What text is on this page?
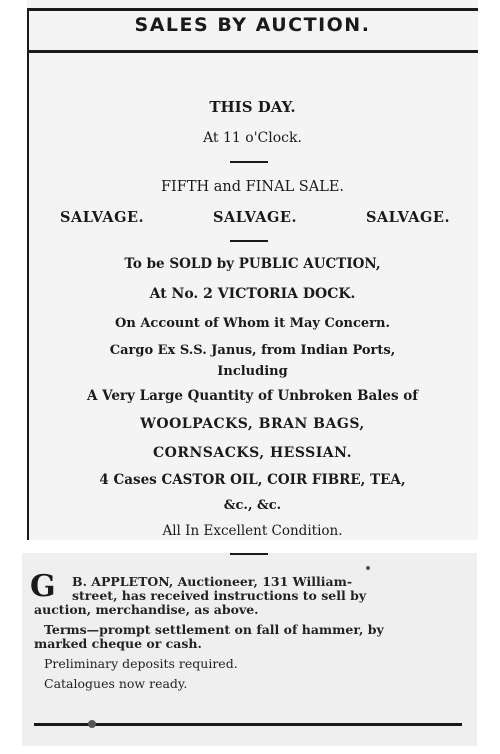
SALES BY AUCTION.
THIS DAY.
At 11 o'Clock.
FIFTH and FINAL SALE.
SALVAGE.	SALVAGE.	SALVAGE.
To be SOLD by PUBLIC AUCTION,
At No. 2 VICTORIA DOCK.
On Account of Whom it May Concern.
Cargo Ex S.S. Janus, from Indian Ports,
Including
A Very Large Quantity of Unbroken Bales of
WOOLPACKS, BRAN BAGS,
CORNSACKS, HESSIAN.
4 Cases CASTOR OIL, COIR FIBRE, TEA,
&c., &c.
All In Excellent Condition.
G B. APPLETON, Auctioneer, 131 William-
street, has received instructions to sell by
auction, merchandise, as above.
Terms—prompt settlement on fall of hammer, by
marked cheque or cash.
Preliminary deposits required.
Catalogues now ready.
